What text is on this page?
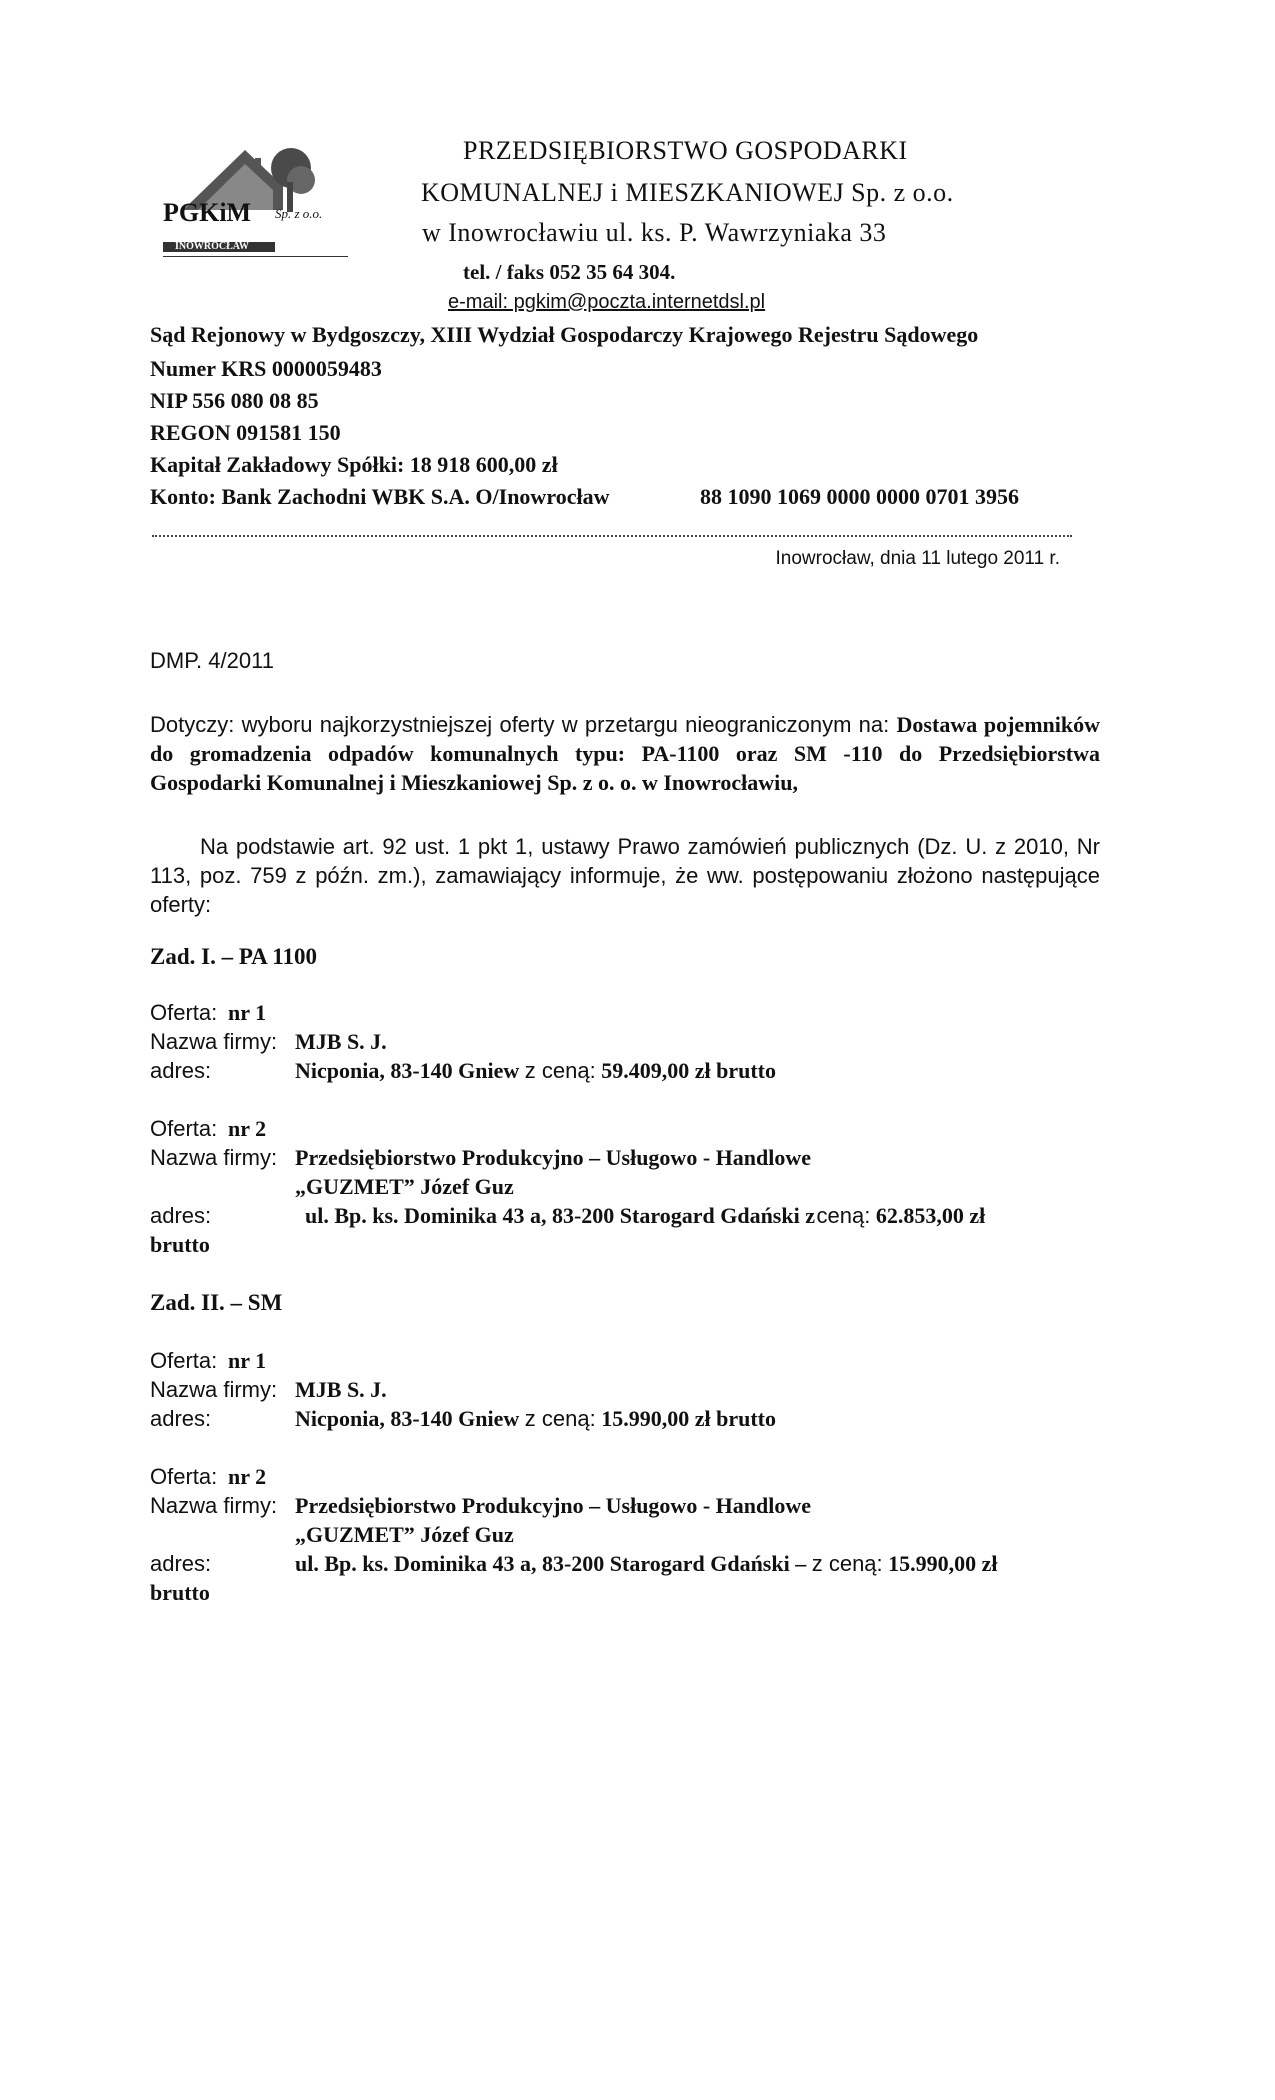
PGKiM Sp. z o.o.
INOWROCŁAW
PRZEDSIĘBIORSTWO GOSPODARKI
KOMUNALNEJ i MIESZKANIOWEJ Sp. z o.o.
w Inowrocławiu ul. ks. P. Wawrzyniaka 33
tel. / faks 052 35 64 304.
e-mail: pgkim@poczta.internetdsl.pl
Sąd Rejonowy w Bydgoszczy, XIII Wydział Gospodarczy Krajowego Rejestru Sądowego
Numer KRS 0000059483
NIP 556 080 08 85
REGON 091581 150
Kapitał Zakładowy Spółki: 18 918 600,00 zł
Konto: Bank Zachodni WBK S.A. O/Inowrocław	88 1090 1069 0000 0000 0701 3956
Inowrocław, dnia 11 lutego 2011 r.
DMP. 4/2011
Dotyczy: wyboru najkorzystniejszej oferty w przetargu nieograniczonym na: Dostawa pojemników do gromadzenia odpadów komunalnych typu: PA-1100 oraz SM -110 do Przedsiębiorstwa Gospodarki Komunalnej i Mieszkaniowej Sp. z o. o. w Inowrocławiu,
Na podstawie art. 92 ust. 1 pkt 1, ustawy Prawo zamówień publicznych (Dz. U. z 2010, Nr 113, poz. 759 z późn. zm.), zamawiający informuje, że ww. postępowaniu złożono następujące oferty:
Zad. I. – PA 1100
Oferta: nr 1
Nazwa firmy: MJB S. J.
adres:	Nicponia, 83-140 Gniew z ceną: 59.409,00 zł brutto
Oferta: nr 2
Nazwa firmy: Przedsiębiorstwo Produkcyjno – Usługowo - Handlowe
„GUZMET” Józef Guz
adres:	ul. Bp. ks. Dominika 43 a, 83-200 Starogard Gdański z ceną: 62.853,00 zł
brutto
Zad. II. – SM
Oferta: nr 1
Nazwa firmy: MJB S. J.
adres:	Nicponia, 83-140 Gniew z ceną: 15.990,00 zł brutto
Oferta: nr 2
Nazwa firmy: Przedsiębiorstwo Produkcyjno – Usługowo - Handlowe
„GUZMET” Józef Guz
adres:	ul. Bp. ks. Dominika 43 a, 83-200 Starogard Gdański – z ceną: 15.990,00 zł
brutto
